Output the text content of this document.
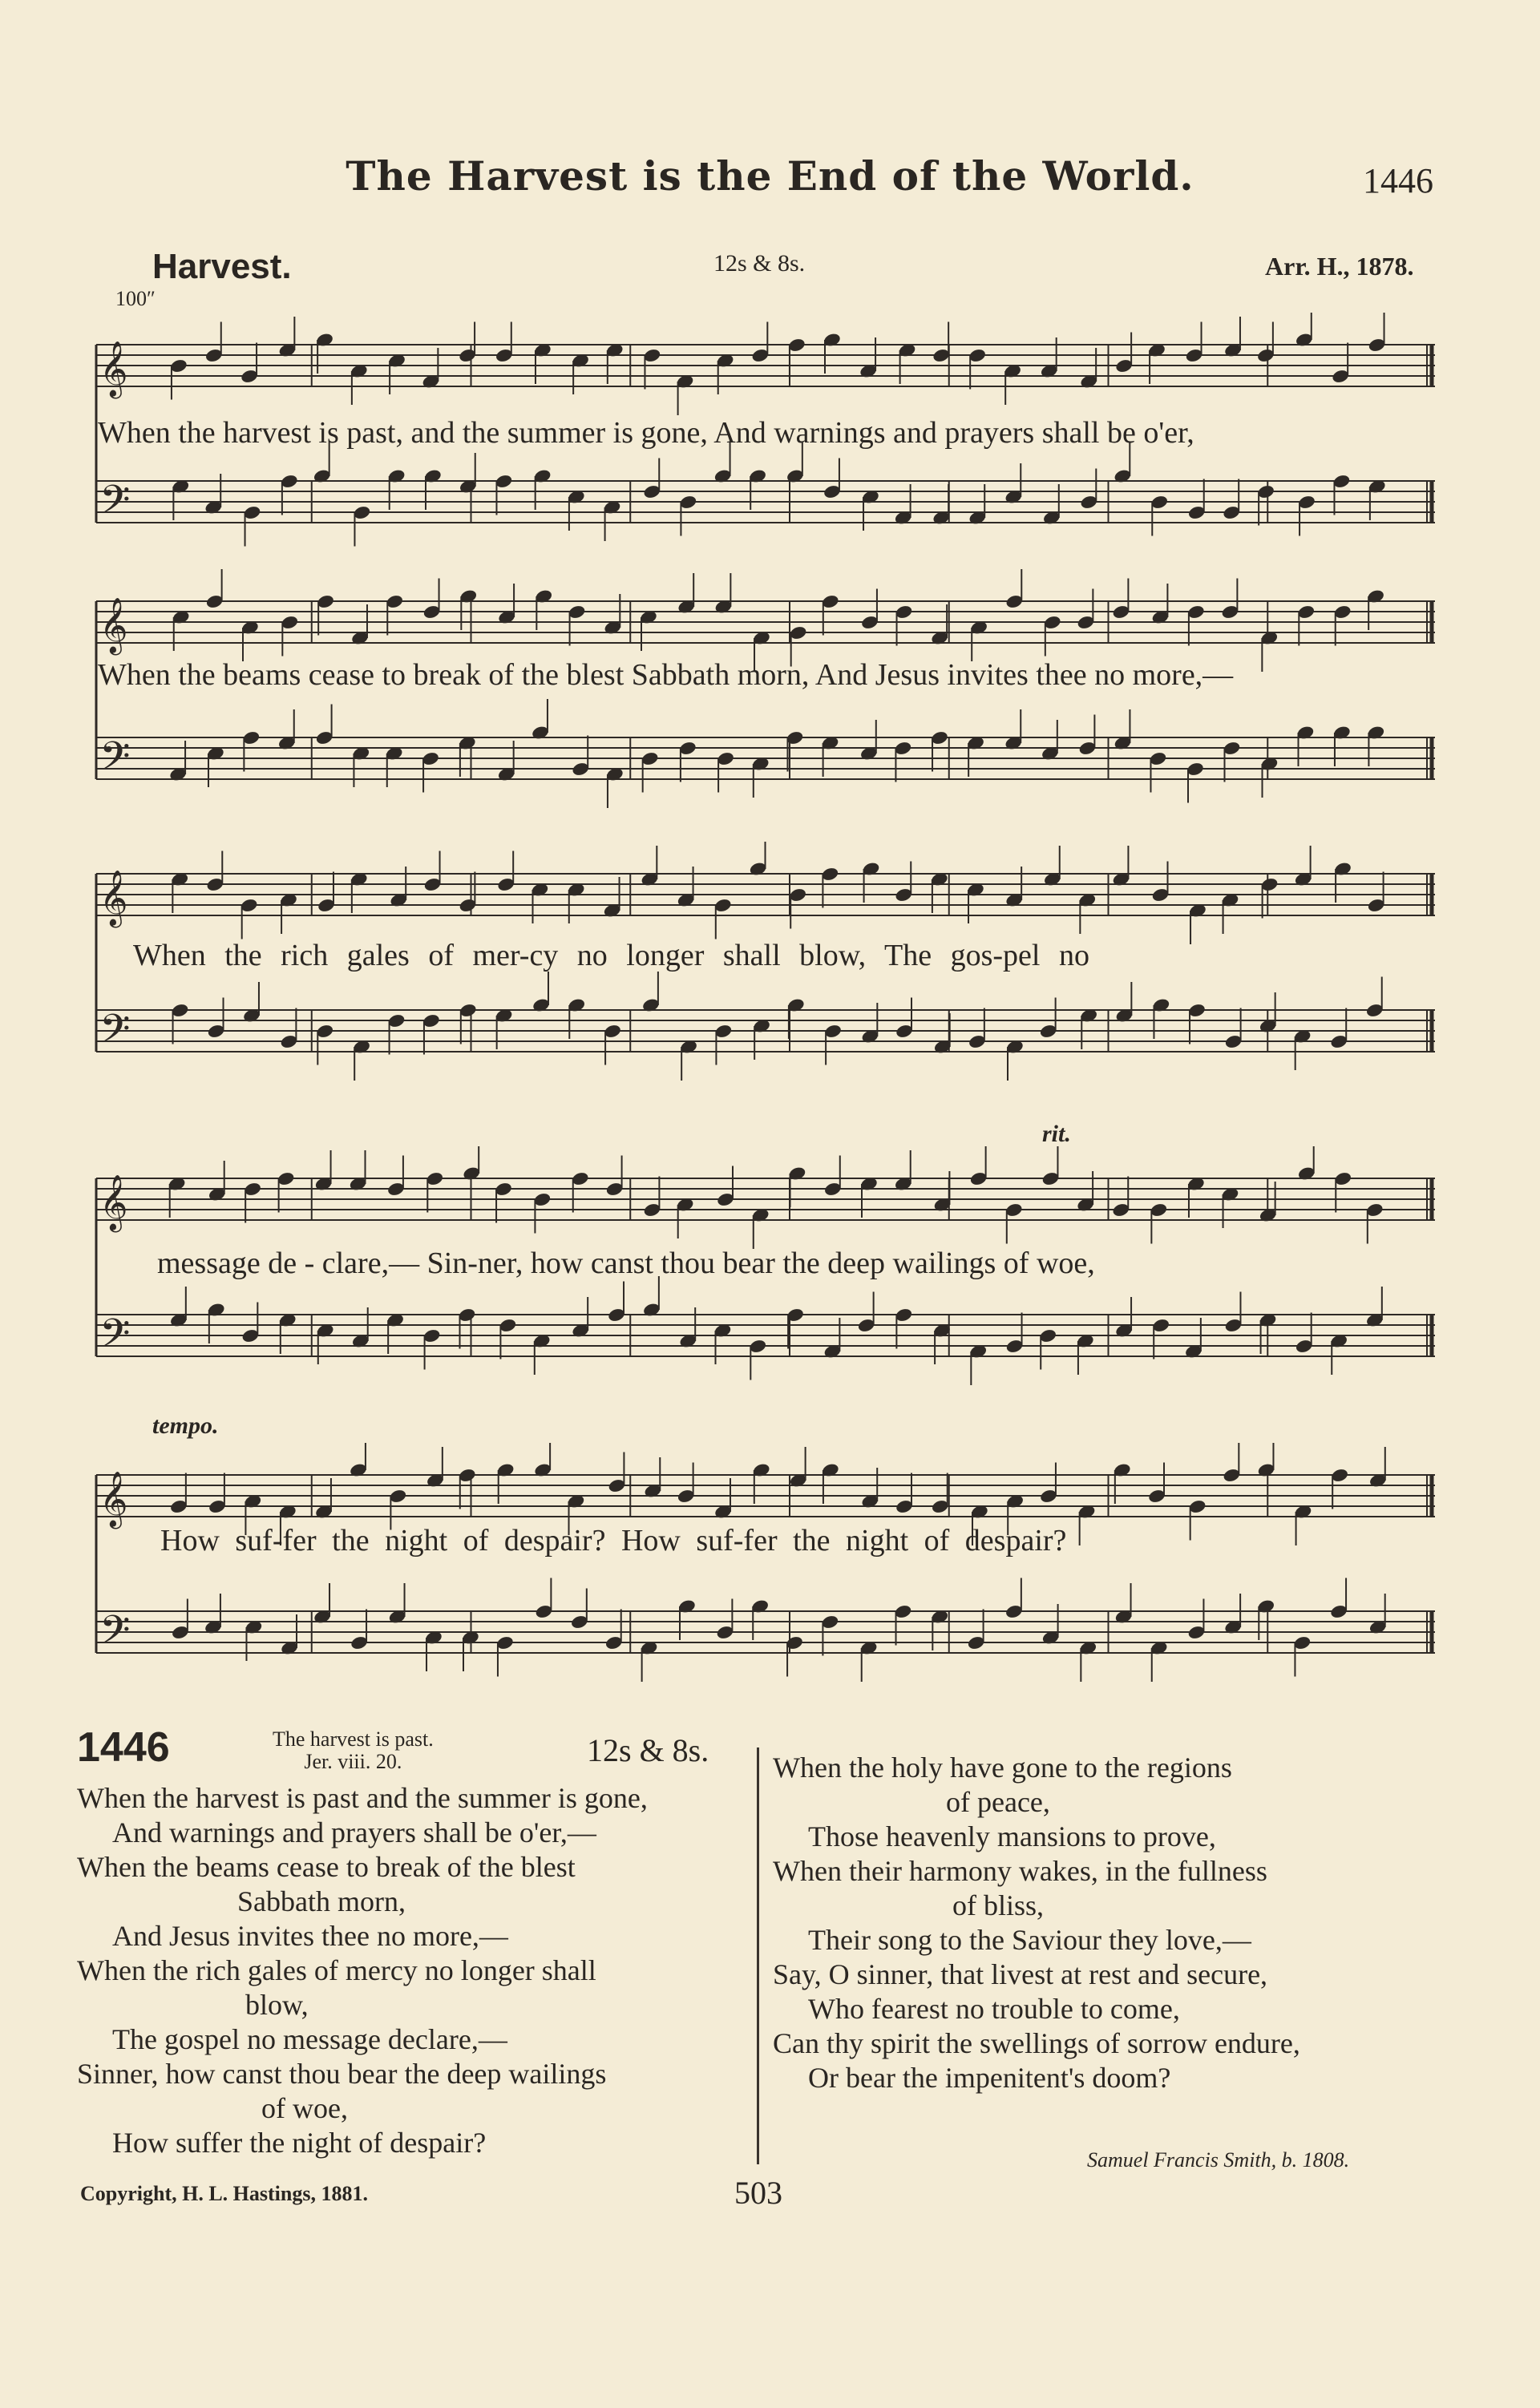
The Harvest is the End of the World.	1446
Harvest.	12s & 8s.	Arr. H., 1878.
100″
𝄞
𝄢
When the harvest is past, and the summer is gone, And warnings and prayers shall be o'er,
𝄞
𝄢
When the beams cease to break of the blest Sabbath morn, And Jesus invites thee no more,—
𝄞
𝄢
When the rich gales of mer-cy no longer shall blow, The gos-pel no
rit.
𝄞
𝄢
message de - clare,— Sin-ner, how canst thou bear the deep wailings of woe,
tempo.
𝄞
𝄢
How suf-fer the night of despair? How suf-fer the night of despair?
1446	The harvest is past.
Jer. viii. 20.	12s & 8s.
When the harvest is past and the summer is gone,
And warnings and prayers shall be o'er,—
When the beams cease to break of the blest
Sabbath morn,
And Jesus invites thee no more,—
When the rich gales of mercy no longer shall
blow,
The gospel no message declare,—
Sinner, how canst thou bear the deep wailings
of woe,
How suffer the night of despair?
When the holy have gone to the regions
of peace,
Those heavenly mansions to prove,
When their harmony wakes, in the fullness
of bliss,
Their song to the Saviour they love,—
Say, O sinner, that livest at rest and secure,
Who fearest no trouble to come,
Can thy spirit the swellings of sorrow endure,
Or bear the impenitent's doom?
Samuel Francis Smith, b. 1808.
Copyright, H. L. Hastings, 1881.	503
